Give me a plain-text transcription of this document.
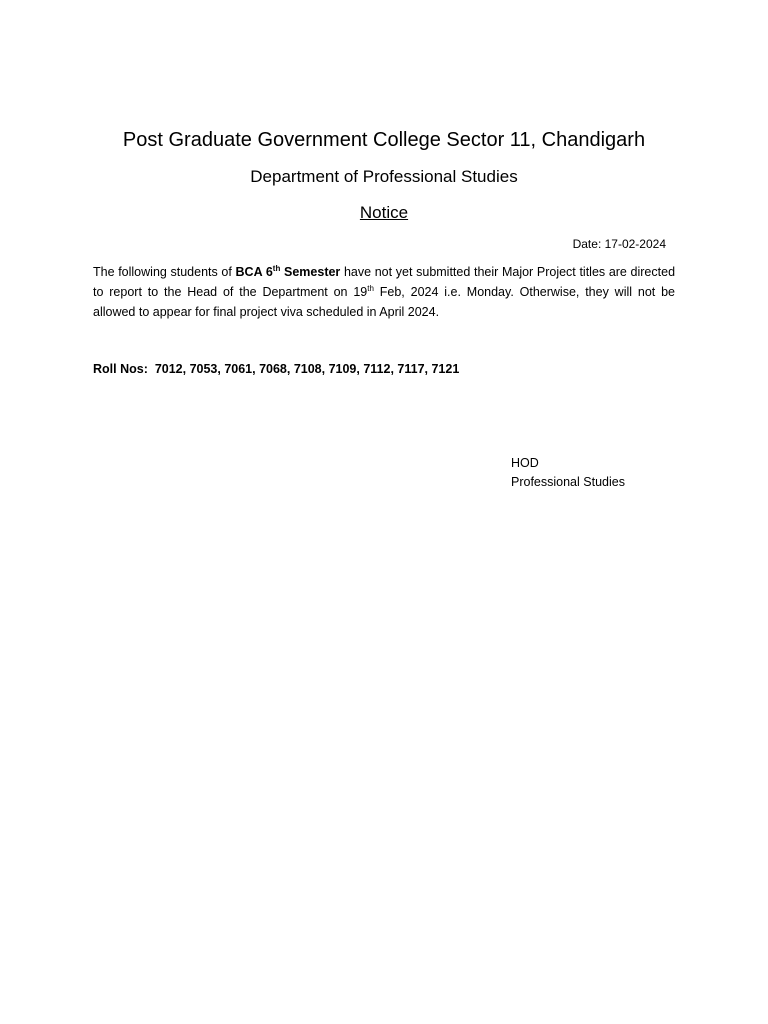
Post Graduate Government College Sector 11, Chandigarh
Department of Professional Studies
Notice
Date: 17-02-2024
The following students of BCA 6th Semester have not yet submitted their Major Project titles are directed to report to the Head of the Department on 19th Feb, 2024 i.e. Monday. Otherwise, they will not be allowed to appear for final project viva scheduled in April 2024.
Roll Nos: 7012, 7053, 7061, 7068, 7108, 7109, 7112, 7117, 7121
HOD
Professional Studies
